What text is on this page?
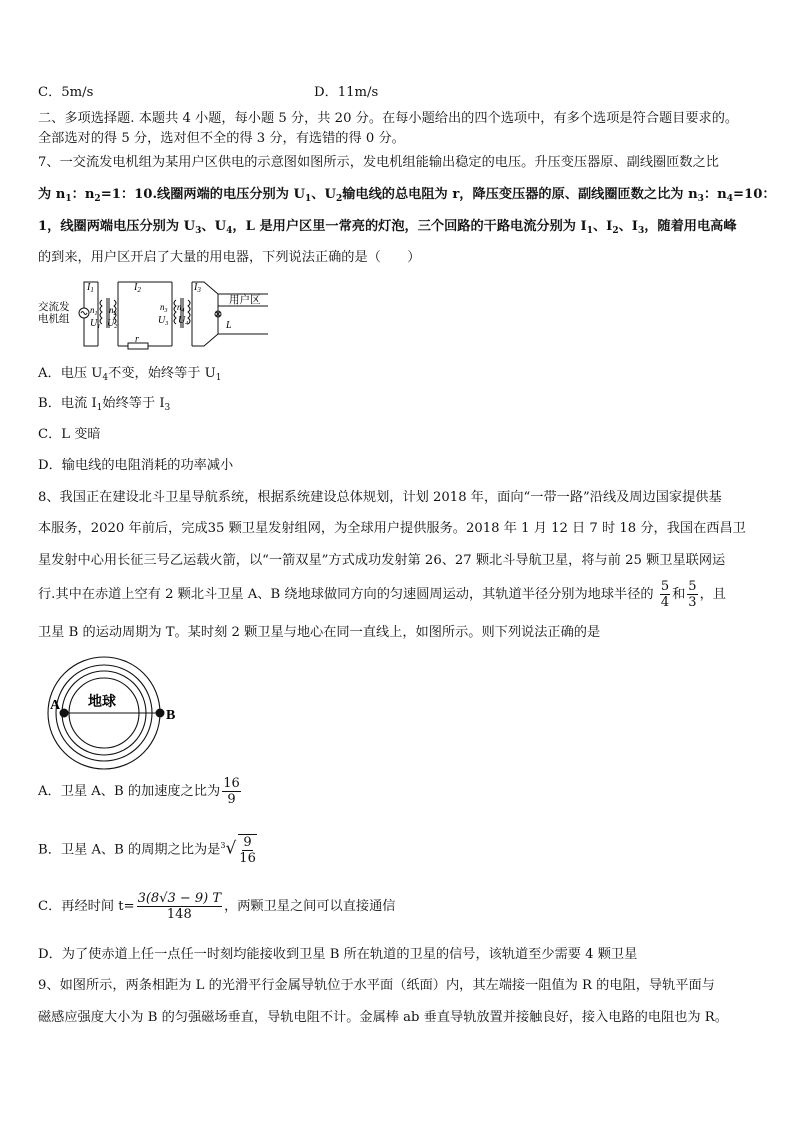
C．5m/s	D．11m/s
二、多项选择题. 本题共 4 小题，每小题 5 分，共 20 分。在每小题给出的四个选项中，有多个选项是符合题目要求的。
全部选对的得 5 分，选对但不全的得 3 分，有选错的得 0 分。
7、一交流发电机组为某用户区供电的示意图如图所示，发电机组能输出稳定的电压。升压变压器原、副线圈匝数之比
为 $n_1$：$n_2=1$：10.线圈两端的电压分别为 $U_1$、$U_2$输电线的总电阻为 r，降压变压器的原、副线圈匝数之比为 $n_3$：$n_4=10$：
1，线圈两端电压分别为 $U_3$、$U_4$，L 是用户区里一常亮的灯泡，三个回路的干路电流分别为 $I_1$、$I_2$、$I_3$，随着用电高峰
的到来，用户区开启了大量的用电器，下列说法正确的是（　　）
交流发
电机组
$I_1$	$I_2$	$I_3$
$n_1$ $n_2$
$n_3$ $n_4$
$U_1$ $U_2$
$U_3$ $U_4$
r
L
用户区
A．电压 $U_4$不变，始终等于 $U_1$
B．电流 $I_1$始终等于 $I_3$
C．L 变暗
D．输电线的电阻消耗的功率减小
8、我国正在建设北斗卫星导航系统，根据系统建设总体规划，计划 2018 年，面向“一带一路”沿线及周边国家提供基
本服务，2020 年前后，完成35 颗卫星发射组网，为全球用户提供服务。2018 年 1 月 12 日 7 时 18 分，我国在西昌卫
星发射中心用长征三号乙运载火箭，以“一箭双星”方式成功发射第 26、27 颗北斗导航卫星，将与前 25 颗卫星联网运
行.其中在赤道上空有 2 颗北斗卫星 A、B 绕地球做同方向的匀速圆周运动，其轨道半径分别为地球半径的 $\frac{5}{4}$ 和 $\frac{5}{3}$ ，且
卫星 B 的运动周期为 T。某时刻 2 颗卫星与地心在同一直线上，如图所示。则下列说法正确的是
地球
A
B
A．卫星 A、B 的加速度之比为 $\frac{16}{9}$
B．卫星 A、B 的周期之比为是$^3√ \frac{9}{16}$
C．再经时间 $t= \frac{3(8√3 - 9) T}{148}$ ，两颗卫星之间可以直接通信
D．为了使赤道上任一点任一时刻均能接收到卫星 B 所在轨道的卫星的信号，该轨道至少需要 4 颗卫星
9、如图所示，两条相距为 L 的光滑平行金属导轨位于水平面（纸面）内，其左端接一阻值为 R 的电阻，导轨平面与
磁感应强度大小为 B 的匀强磁场垂直，导轨电阻不计。金属棒 ab 垂直导轨放置并接触良好，接入电路的电阻也为 R。
